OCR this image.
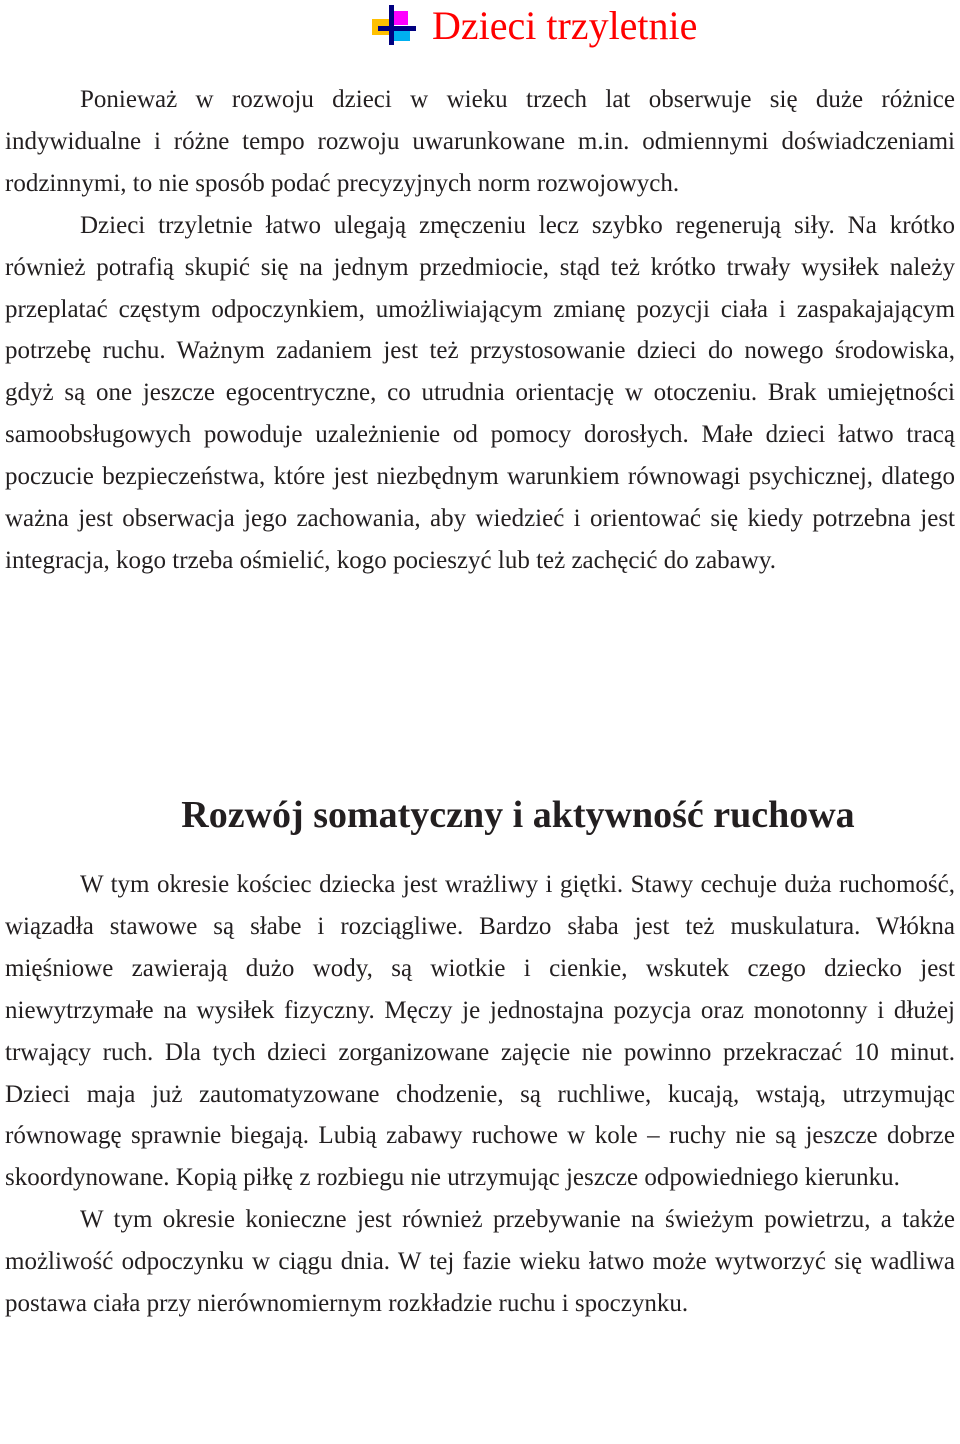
Dzieci trzyletnie

Ponieważ w rozwoju dzieci w wieku trzech lat obserwuje się duże różnice indywidualne i różne tempo rozwoju uwarunkowane m.in. odmiennymi doświadczeniami rodzinnymi, to nie sposób podać precyzyjnych norm rozwojowych.

Dzieci trzyletnie łatwo ulegają zmęczeniu lecz szybko regenerują siły. Na krótko również potrafią skupić się na jednym przedmiocie, stąd też krótko trwały wysiłek należy przeplatać częstym odpoczynkiem, umożliwiającym zmianę pozycji ciała i zaspakajającym potrzebę ruchu. Ważnym zadaniem jest też przystosowanie dzieci do nowego środowiska, gdyż są one jeszcze egocentryczne, co utrudnia orientację w otoczeniu. Brak umiejętności samoobsługowych powoduje uzależnienie od pomocy dorosłych. Małe dzieci łatwo tracą poczucie bezpieczeństwa, które jest niezbędnym warunkiem równowagi psychicznej, dlatego ważna jest obserwacja jego zachowania, aby wiedzieć i orientować się kiedy potrzebna jest integracja, kogo trzeba ośmielić, kogo pocieszyć lub też zachęcić do zabawy.

Rozwój somatyczny i aktywność ruchowa

W tym okresie kościec dziecka jest wrażliwy i giętki. Stawy cechuje duża ruchomość, wiązadła stawowe są słabe i rozciągliwe. Bardzo słaba jest też muskulatura. Włókna mięśniowe zawierają dużo wody, są wiotkie i cienkie, wskutek czego dziecko jest niewytrzymałe na wysiłek fizyczny. Męczy je jednostajna pozycja oraz monotonny i dłużej trwający ruch. Dla tych dzieci zorganizowane zajęcie nie powinno przekraczać 10 minut. Dzieci maja już zautomatyzowane chodzenie, są ruchliwe, kucają, wstają, utrzymując równowagę sprawnie biegają. Lubią zabawy ruchowe w kole – ruchy nie są jeszcze dobrze skoordynowane. Kopią piłkę z rozbiegu nie utrzymując jeszcze odpowiedniego kierunku.

W tym okresie konieczne jest również przebywanie na świeżym powietrzu, a także możliwość odpoczynku w ciągu dnia. W tej fazie wieku łatwo może wytworzyć się wadliwa postawa ciała przy nierównomiernym rozkładzie ruchu i spoczynku.
